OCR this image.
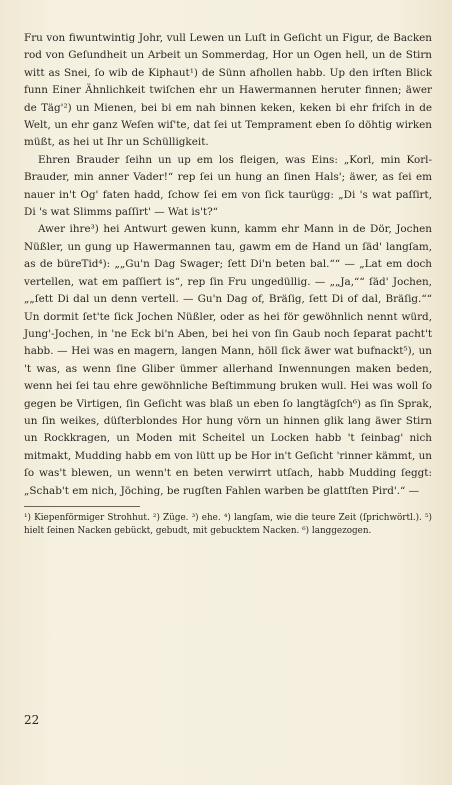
Fru von fiwuntwintig Johr, vull Lewen un Luſt in Geſicht un Figur, de Backen rod von Geſundheit un Arbeit un Sommerdag, Hor un Ogen hell, un de Stirn witt as Snei, ſo wib de Kiphaut¹) de Sünn afhollen habb. Up den irſten Blick funn Einer Ähnlichkeit twiſchen ehr un Hawermannen heruter finnen; äwer de Täg'²) un Mienen, bei bi em nah binnen keken, keken bi ehr friſch in de Welt, un ehr ganz Weſen wiſ'te, dat ſei ut Temprament eben ſo döhtig wirken müßt, as hei ut Ihr un Schülligkeit.

Ehren Brauder ſeihn un up em los fleigen, was Eins: „Korl, min Korl-Brauder, min anner Vader!“ rep ſei un hung an ſinen Hals'; äwer, as ſei em nauer in't Og' faten hadd, ſchow ſei em von ſick taurügg: „Di 's wat paſſirt, Di 's wat Slimms paſſirt' — Wat is't?“

Awer ihre³) hei Antwurt gewen kunn, kamm ehr Mann in de Dör, Jochen Nüßler, un gung up Hawermannen tau, gawm em de Hand un ſäd' langſam, as de büreTid⁴): „„Gu'n Dag Swager; ſett Di'n beten bal.““ — „Lat em doch vertellen, wat em paſſiert is“, rep ſin Fru ungedüllig. — „„Ja,““ ſäd' Jochen, „„ſett Di dal un denn vertell. — Gu'n Dag of, Bräſig, ſett Di of dal, Bräſig.““ Un dormit ſet'te ſick Jochen Nüßler, oder as hei för gewöhnlich nennt würd, Jung'-Jochen, in 'ne Eck bi'n Aben, bei hei von ſin Gaub noch ſeparat pacht't habb. — Hei was en magern, langen Mann, höll ſick äwer wat bufnackt⁵), un 't was, as wenn ſine Gliber ümmer allerhand Inwennungen maken beden, wenn hei ſei tau ehre gewöhnliche Beſtimmung bruken wull. Hei was woll ſo gegen be Virtigen, ſin Geſicht was blaß un eben ſo langtägſch⁶) as ſin Sprak, un ſin weikes, düſterblondes Hor hung vörn un hinnen glik lang äwer Stirn un Rockkragen, un Moden mit Scheitel un Locken habb 't ſeinbag' nich mitmakt, Mudding habb em von lütt up be Hor in't Geſicht 'rinner kämmt, un ſo was't blewen, un wenn't en beten verwirrt utſach, habb Mudding ſeggt: „Schab't em nich, Jöching, be rugſten Fahlen warben be glattſten Pird'.“ —

¹) Kiepenförmiger Strohhut. ²) Züge. ³) ehe. ⁴) langſam, wie die teure Zeit (ſprichwörtl.). ⁵) hielt ſeinen Nacken gebückt, gebudt, mit gebucktem Nacken. ⁶) langgezogen.

22
